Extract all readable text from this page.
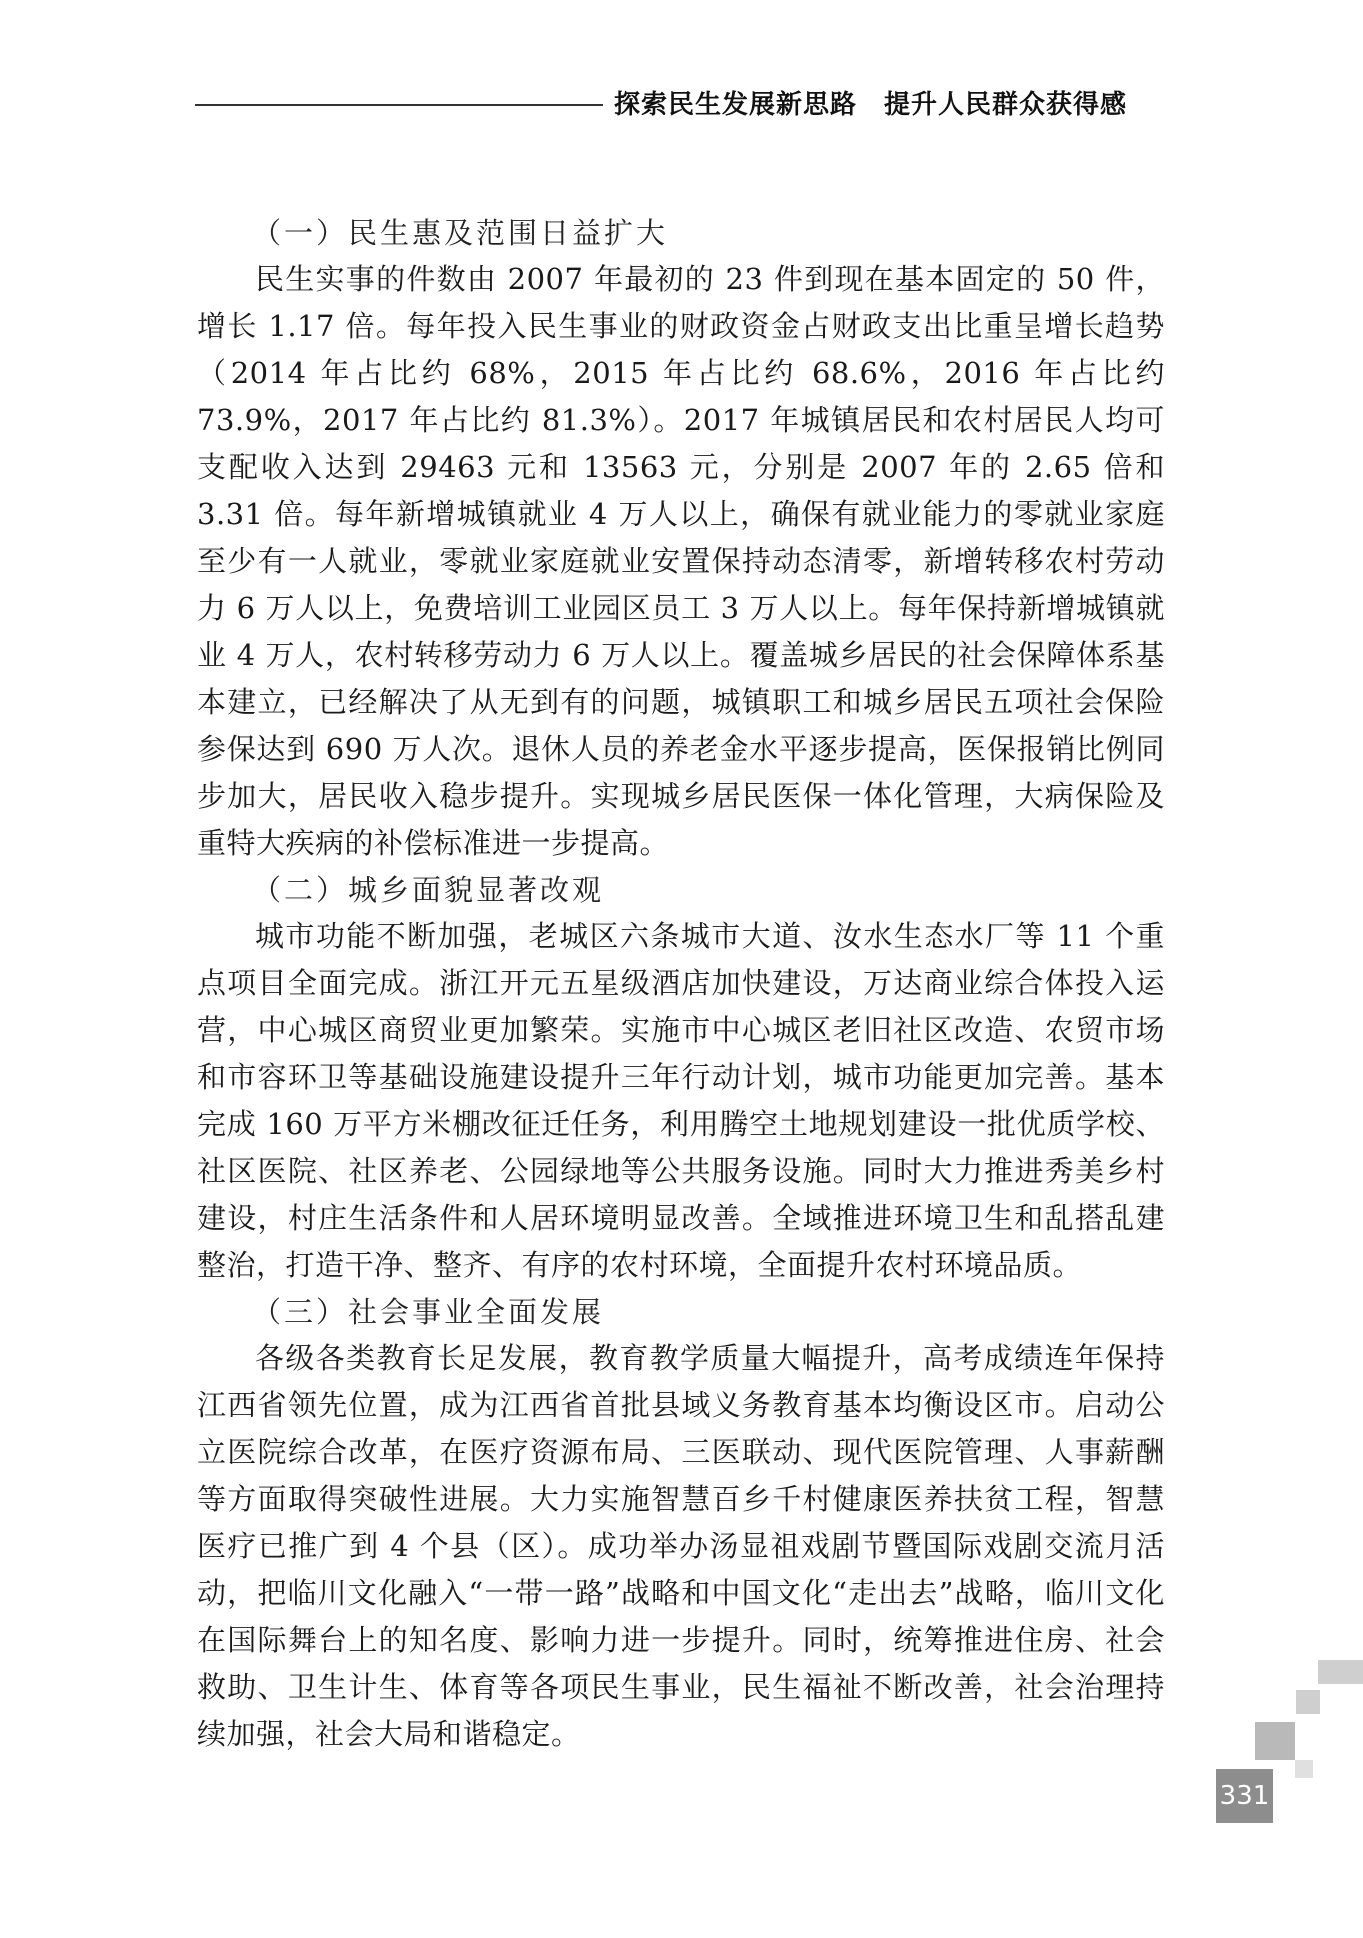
探索民生发展新思路　提升人民群众获得感
（一）民生惠及范围日益扩大

民生实事的件数由 2007 年最初的 23 件到现在基本固定的 50 件，增长 1.17 倍。每年投入民生事业的财政资金占财政支出比重呈增长趋势（2014 年占比约 68%，2015 年占比约 68.6%，2016 年占比约 73.9%，2017 年占比约 81.3%）。2017 年城镇居民和农村居民人均可支配收入达到 29463 元和 13563 元，分别是 2007 年的 2.65 倍和 3.31 倍。每年新增城镇就业 4 万人以上，确保有就业能力的零就业家庭至少有一人就业，零就业家庭就业安置保持动态清零，新增转移农村劳动力 6 万人以上，免费培训工业园区员工 3 万人以上。每年保持新增城镇就业 4 万人，农村转移劳动力 6 万人以上。覆盖城乡居民的社会保障体系基本建立，已经解决了从无到有的问题，城镇职工和城乡居民五项社会保险参保达到 690 万人次。退休人员的养老金水平逐步提高，医保报销比例同步加大，居民收入稳步提升。实现城乡居民医保一体化管理，大病保险及重特大疾病的补偿标准进一步提高。

（二）城乡面貌显著改观

城市功能不断加强，老城区六条城市大道、汝水生态水厂等 11 个重点项目全面完成。浙江开元五星级酒店加快建设，万达商业综合体投入运营，中心城区商贸业更加繁荣。实施市中心城区老旧社区改造、农贸市场和市容环卫等基础设施建设提升三年行动计划，城市功能更加完善。基本完成 160 万平方米棚改征迁任务，利用腾空土地规划建设一批优质学校、社区医院、社区养老、公园绿地等公共服务设施。同时大力推进秀美乡村建设，村庄生活条件和人居环境明显改善。全域推进环境卫生和乱搭乱建整治，打造干净、整齐、有序的农村环境，全面提升农村环境品质。

（三）社会事业全面发展

各级各类教育长足发展，教育教学质量大幅提升，高考成绩连年保持江西省领先位置，成为江西省首批县域义务教育基本均衡设区市。启动公立医院综合改革，在医疗资源布局、三医联动、现代医院管理、人事薪酬等方面取得突破性进展。大力实施智慧百乡千村健康医养扶贫工程，智慧医疗已推广到 4 个县（区）。成功举办汤显祖戏剧节暨国际戏剧交流月活动，把临川文化融入“一带一路”战略和中国文化“走出去”战略，临川文化在国际舞台上的知名度、影响力进一步提升。同时，统筹推进住房、社会救助、卫生计生、体育等各项民生事业，民生福祉不断改善，社会治理持续加强，社会大局和谐稳定。

331
